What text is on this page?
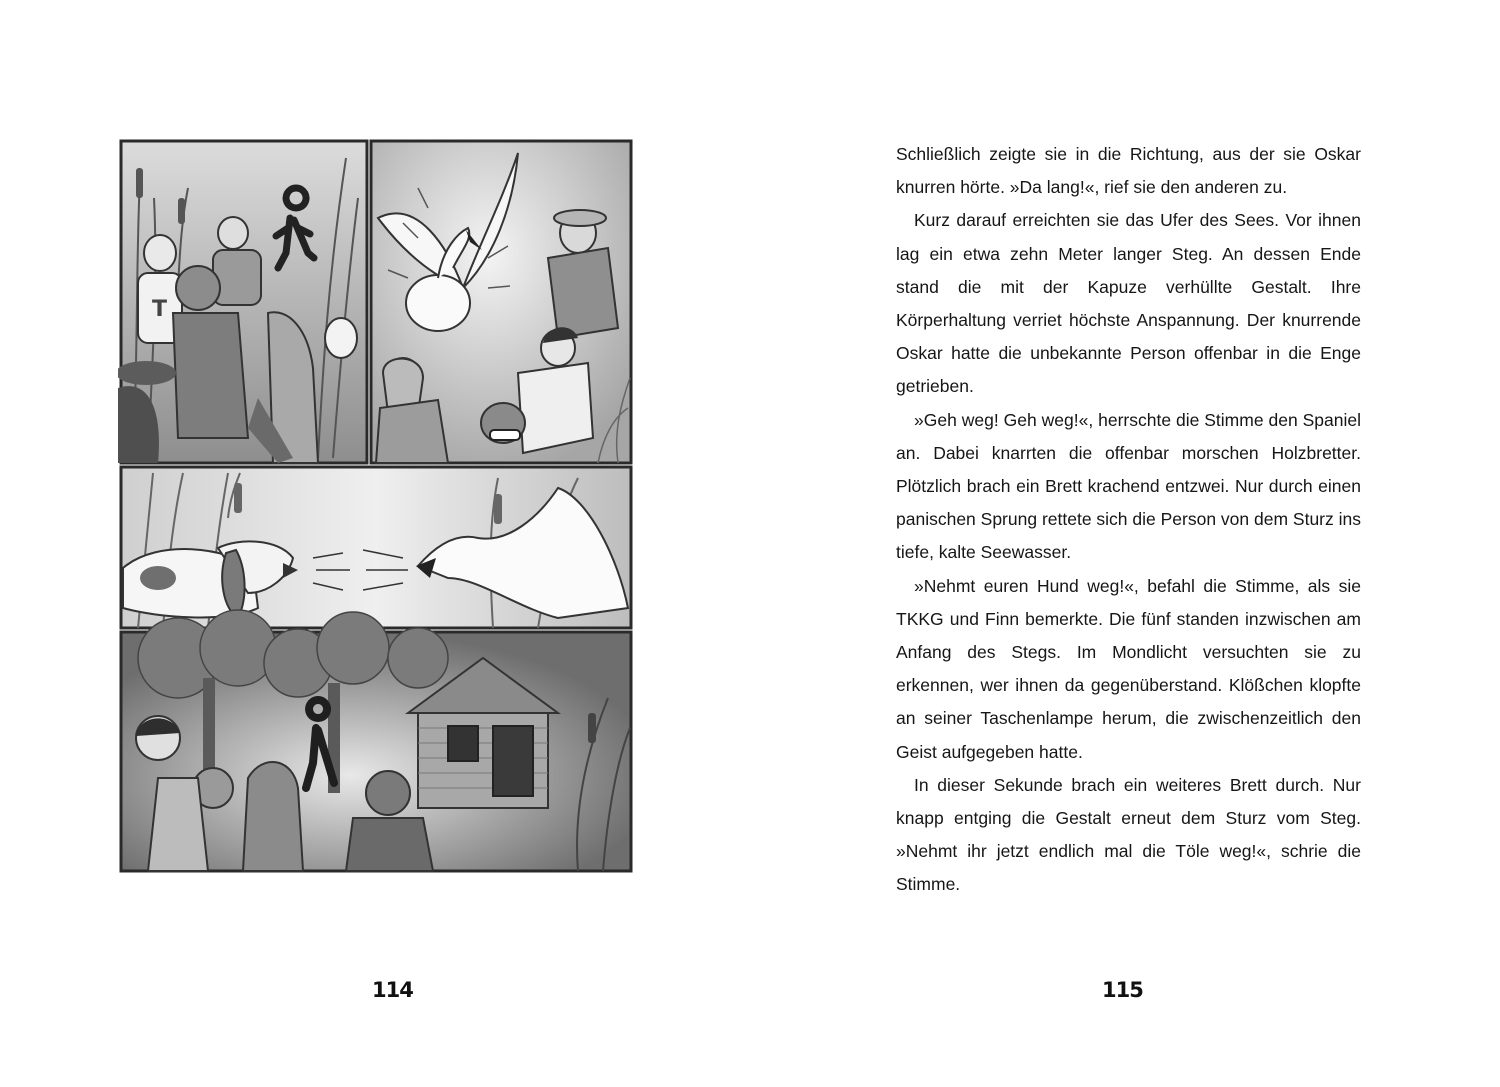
T
114

Schließlich zeigte sie in die Richtung, aus der sie Oskar knurren hörte. »Da lang!«, rief sie den anderen zu.

Kurz darauf erreichten sie das Ufer des Sees. Vor ihnen lag ein etwa zehn Meter langer Steg. An dessen Ende stand die mit der Kapuze verhüllte Gestalt. Ihre Körperhaltung verriet höchste Anspannung. Der knurrende Oskar hatte die unbekannte Person offenbar in die Enge getrieben.

»Geh weg! Geh weg!«, herrschte die Stimme den Spaniel an. Dabei knarrten die offenbar morschen Holzbretter. Plötzlich brach ein Brett krachend entzwei. Nur durch einen panischen Sprung rettete sich die Person von dem Sturz ins tiefe, kalte Seewasser.

»Nehmt euren Hund weg!«, befahl die Stimme, als sie TKKG und Finn bemerkte. Die fünf standen inzwischen am Anfang des Stegs. Im Mondlicht versuchten sie zu erkennen, wer ihnen da gegenüberstand. Klößchen klopfte an seiner Taschenlampe herum, die zwischenzeitlich den Geist aufgegeben hatte.

In dieser Sekunde brach ein weiteres Brett durch. Nur knapp entging die Gestalt erneut dem Sturz vom Steg. »Nehmt ihr jetzt endlich mal die Töle weg!«, schrie die Stimme.

115
